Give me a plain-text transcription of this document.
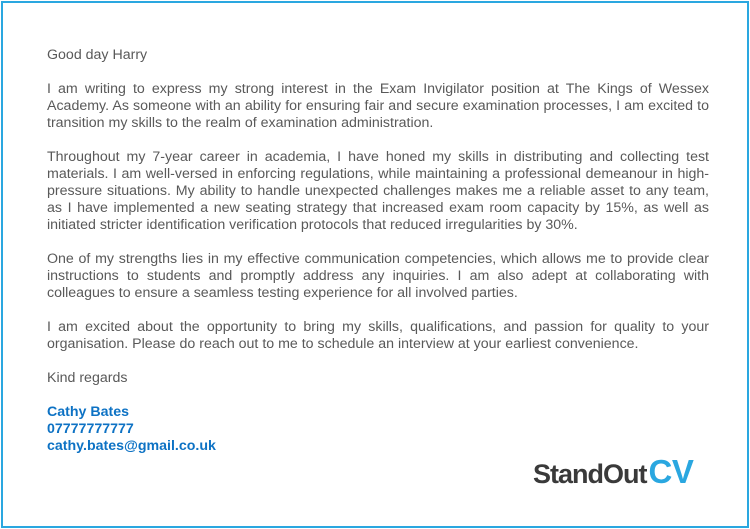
Good day Harry

I am writing to express my strong interest in the Exam Invigilator position at The Kings of Wessex Academy. As someone with an ability for ensuring fair and secure examination processes, I am excited to transition my skills to the realm of examination administration.

Throughout my 7-year career in academia, I have honed my skills in distributing and collecting test materials. I am well-versed in enforcing regulations, while maintaining a professional demeanour in high-pressure situations. My ability to handle unexpected challenges makes me a reliable asset to any team, as I have implemented a new seating strategy that increased exam room capacity by 15%, as well as initiated stricter identification verification protocols that reduced irregularities by 30%.

One of my strengths lies in my effective communication competencies, which allows me to provide clear instructions to students and promptly address any inquiries. I am also adept at collaborating with colleagues to ensure a seamless testing experience for all involved parties.

I am excited about the opportunity to bring my skills, qualifications, and passion for quality to your organisation. Please do reach out to me to schedule an interview at your earliest convenience.

Kind regards

Cathy Bates
07777777777
cathy.bates@gmail.co.uk
StandOutCV
